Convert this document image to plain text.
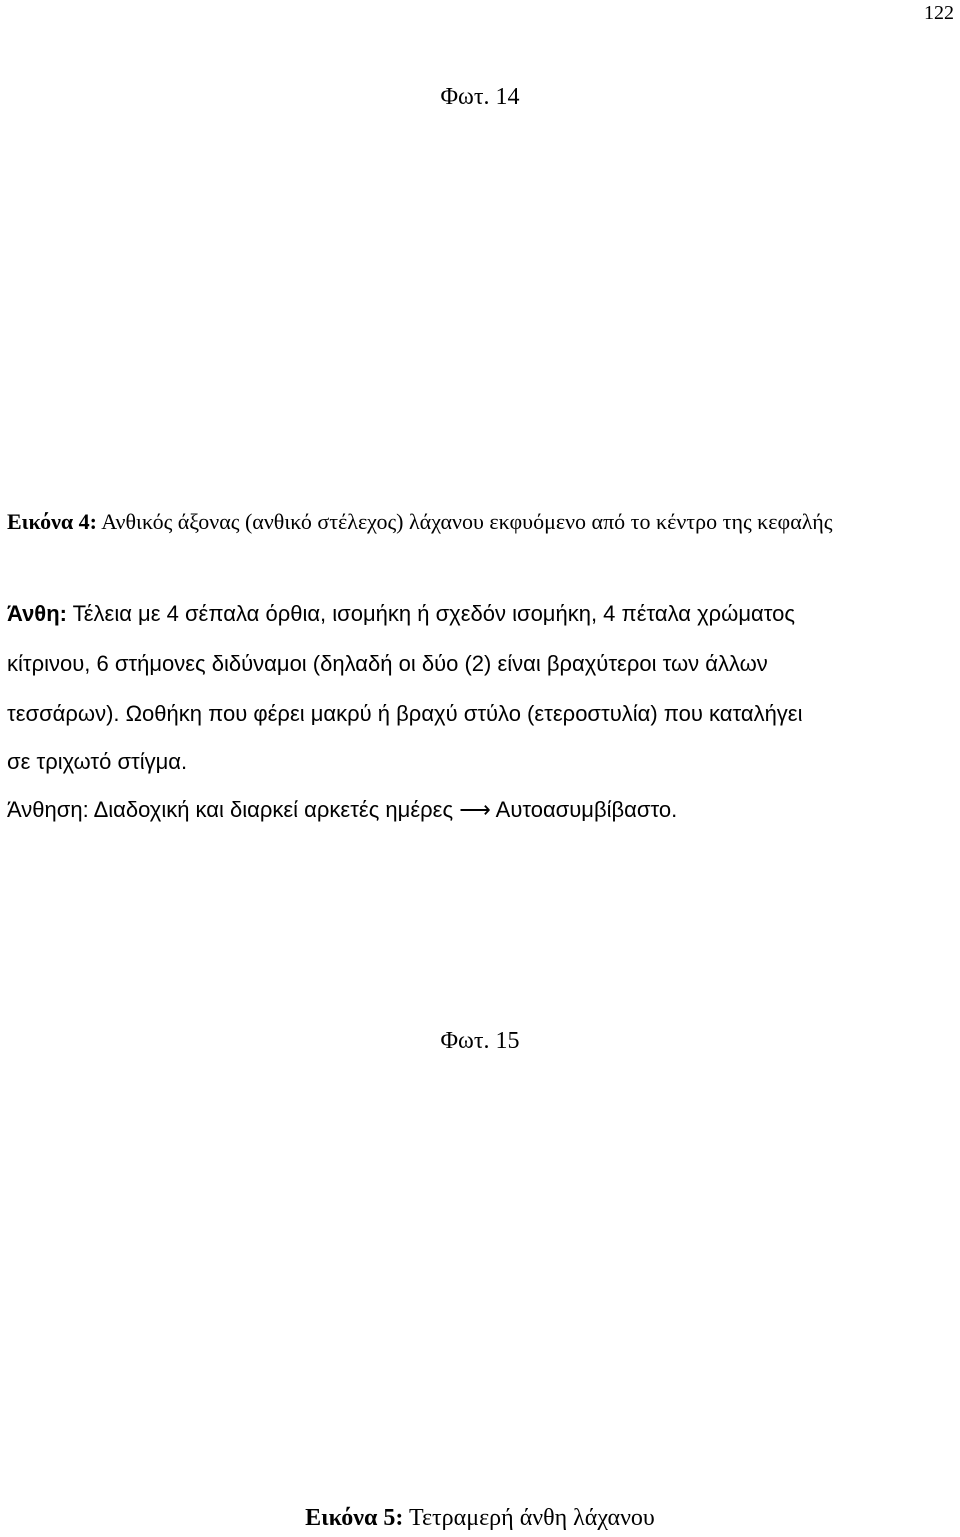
122
Φωτ. 14

Εικόνα 4: Ανθικός άξονας (ανθικό στέλεχος) λάχανου εκφυόμενο από το κέντρο της κεφαλής

Άνθη: Τέλεια με 4 σέπαλα όρθια, ισομήκη ή σχεδόν ισομήκη, 4 πέταλα χρώματος

κίτρινου, 6 στήμονες διδύναμοι (δηλαδή οι δύο (2) είναι βραχύτεροι των άλλων

τεσσάρων). Ωοθήκη που φέρει μακρύ ή βραχύ στύλο (ετεροστυλία) που καταλήγει

σε τριχωτό στίγμα.

Άνθηση: Διαδοχική και διαρκεί αρκετές ημέρες ⟶ Αυτοασυμβίβαστο.

Φωτ. 15

Εικόνα 5: Τετραμερή άνθη λάχανου
